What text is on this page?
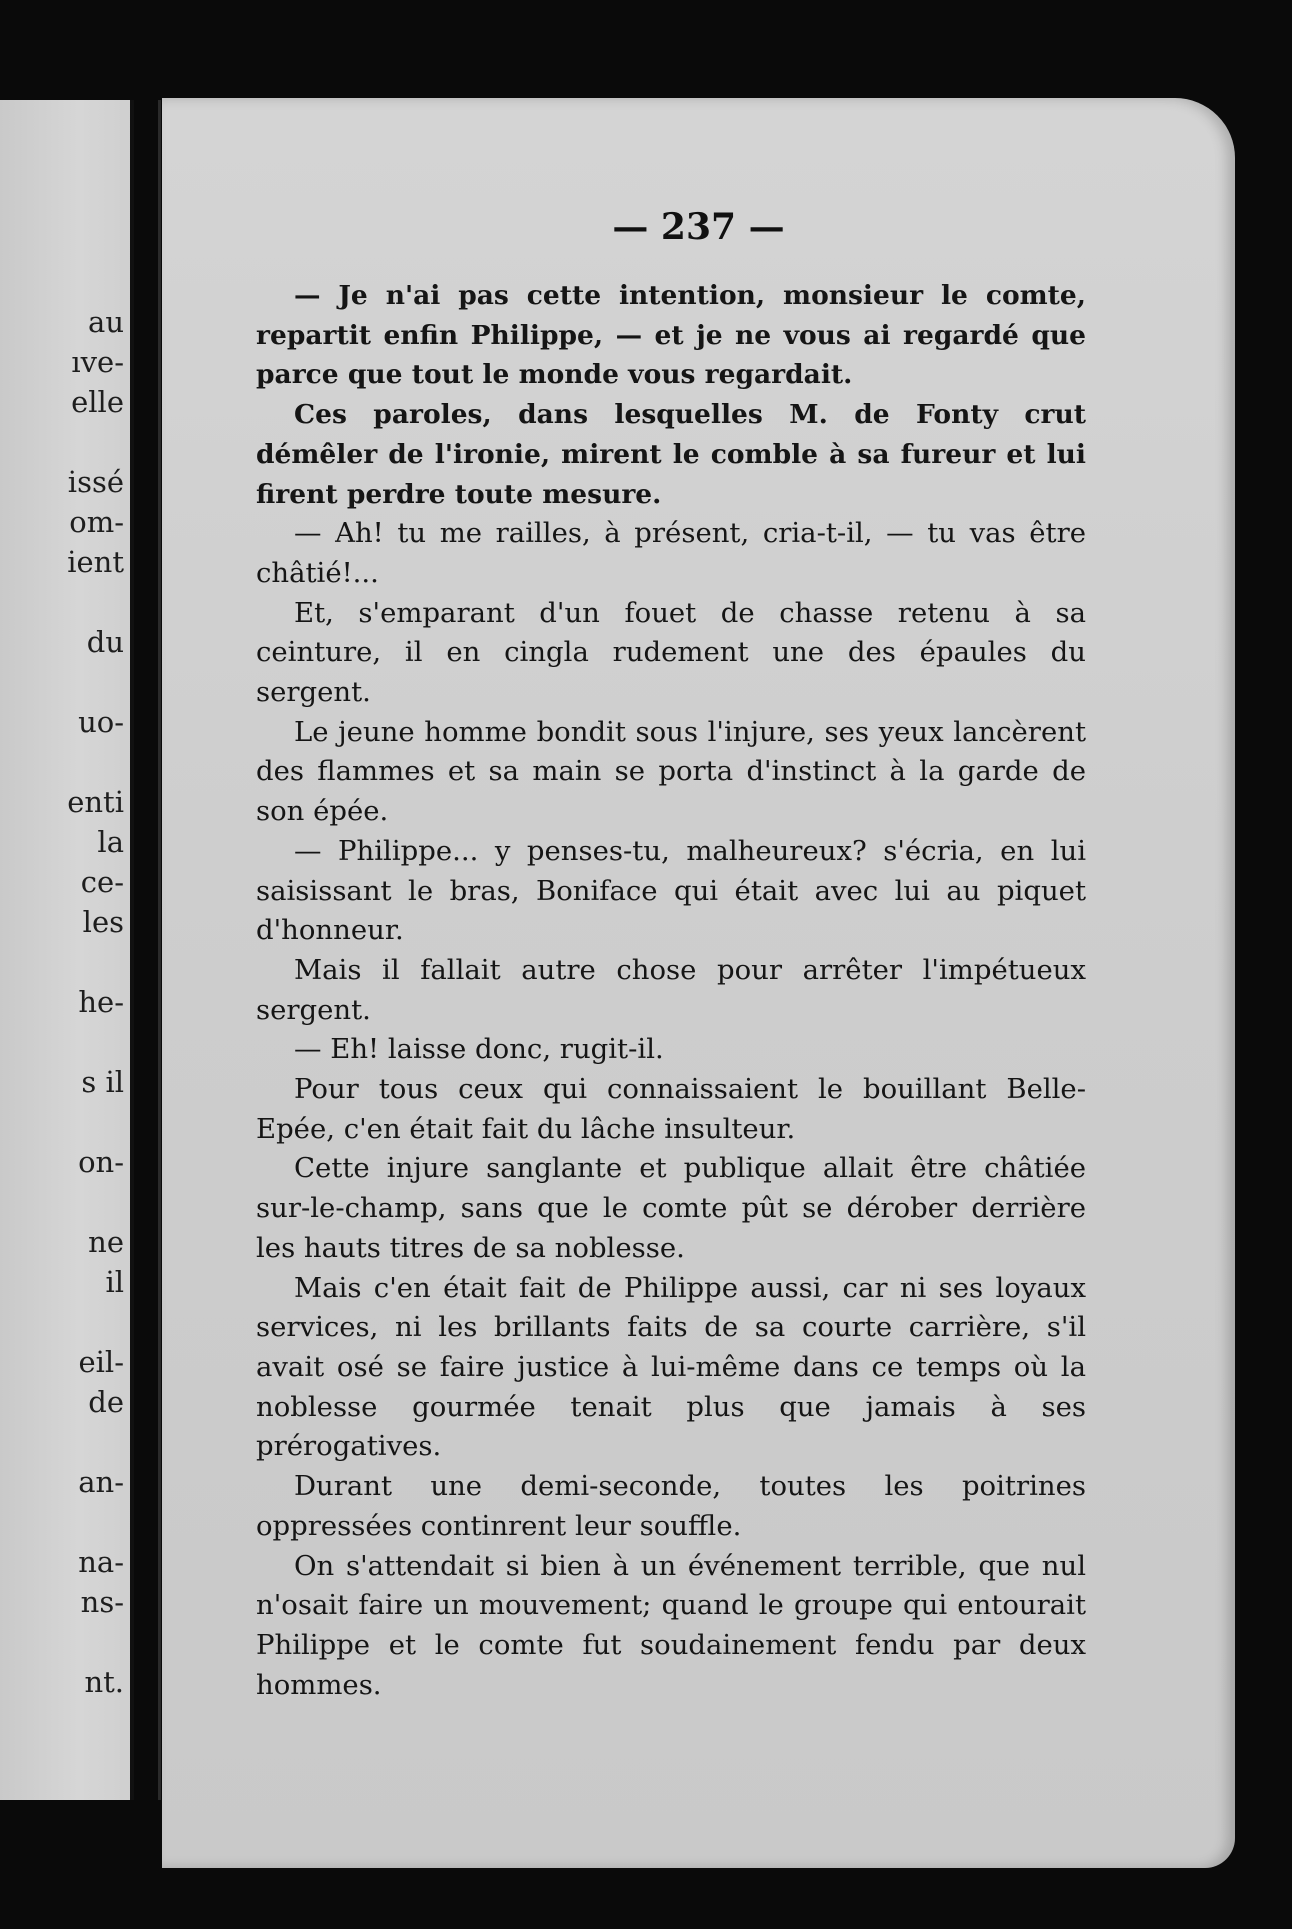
au
ıve-
elle
issé
om-
ient
du
uo-
enti
la
ce-
les
he-
s il
on-
ne
il
eil-
de
an-
na-
ns-
nt.

— 237 —

— Je n'ai pas cette intention, monsieur le comte, repartit enfin Philippe, — et je ne vous ai regardé que parce que tout le monde vous regardait.

Ces paroles, dans lesquelles M. de Fonty crut démêler de l'ironie, mirent le comble à sa fureur et lui firent perdre toute mesure.

— Ah! tu me railles, à présent, cria-t-il, — tu vas être châtié!...

Et, s'emparant d'un fouet de chasse retenu à sa ceinture, il en cingla rudement une des épaules du sergent.

Le jeune homme bondit sous l'injure, ses yeux lancèrent des flammes et sa main se porta d'instinct à la garde de son épée.

— Philippe... y penses-tu, malheureux? s'écria, en lui saisissant le bras, Boniface qui était avec lui au piquet d'honneur.

Mais il fallait autre chose pour arrêter l'impétueux sergent.

— Eh! laisse donc, rugit-il.

Pour tous ceux qui connaissaient le bouillant Belle-Epée, c'en était fait du lâche insulteur.

Cette injure sanglante et publique allait être châtiée sur-le-champ, sans que le comte pût se dérober derrière les hauts titres de sa noblesse.

Mais c'en était fait de Philippe aussi, car ni ses loyaux services, ni les brillants faits de sa courte carrière, s'il avait osé se faire justice à lui-même dans ce temps où la noblesse gourmée tenait plus que jamais à ses prérogatives.

Durant une demi-seconde, toutes les poitrines oppressées continrent leur souffle.

On s'attendait si bien à un événement terrible, que nul n'osait faire un mouvement; quand le groupe qui entourait Philippe et le comte fut soudainement fendu par deux hommes.
